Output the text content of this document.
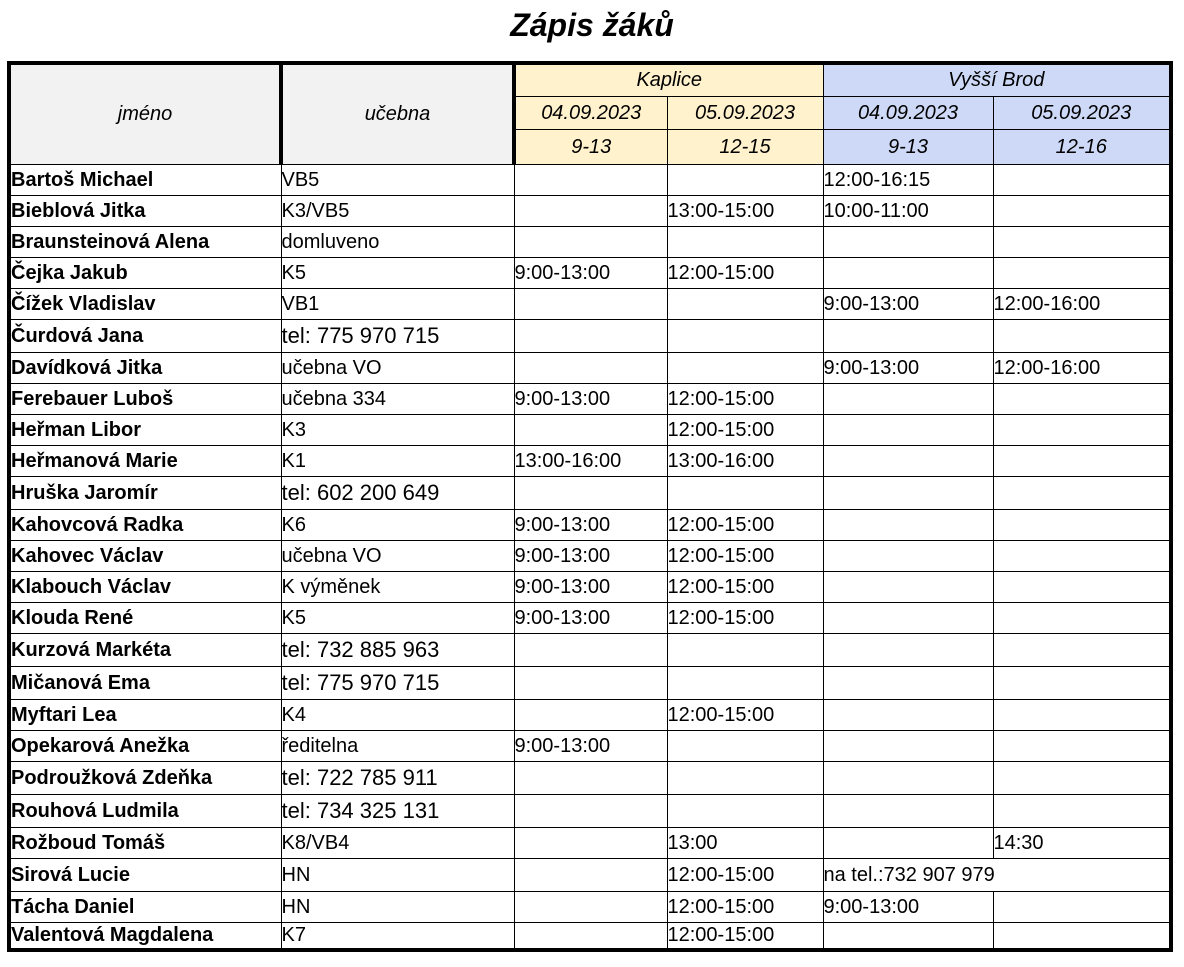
Zápis žáků
jméno	učebna	Kaplice		Vyšší Brod	
		04.09.2023	05.09.2023	04.09.2023	05.09.2023
		9-13	12-15	9-13	12-16
Bartoš Michael	VB5			12:00-16:15	
Bieblová Jitka	K3/VB5		13:00-15:00	10:00-11:00	
Braunsteinová Alena	domluveno				
Čejka Jakub	K5	9:00-13:00	12:00-15:00		
Čížek Vladislav	VB1			9:00-13:00	12:00-16:00
Čurdová Jana	tel: 775 970 715				
Davídková Jitka	učebna VO			9:00-13:00	12:00-16:00
Ferebauer Luboš	učebna 334	9:00-13:00	12:00-15:00		
Heřman Libor	K3		12:00-15:00		
Heřmanová Marie	K1	13:00-16:00	13:00-16:00		
Hruška Jaromír	tel: 602 200 649				
Kahovcová Radka	K6	9:00-13:00	12:00-15:00		
Kahovec Václav	učebna VO	9:00-13:00	12:00-15:00		
Klabouch Václav	K výměnek	9:00-13:00	12:00-15:00		
Klouda René	K5	9:00-13:00	12:00-15:00		
Kurzová Markéta	tel: 732 885 963				
Mičanová Ema	tel: 775 970 715				
Myftari Lea	K4		12:00-15:00		
Opekarová Anežka	ředitelna	9:00-13:00			
Podroužková Zdeňka	tel: 722 785 911				
Rouhová Ludmila	tel: 734 325 131				
Rožboud Tomáš	K8/VB4		13:00		14:30
Sirová Lucie	HN		12:00-15:00	na tel.:732 907 979	
Tácha Daniel	HN		12:00-15:00	9:00-13:00	
Valentová Magdalena	K7		12:00-15:00		
